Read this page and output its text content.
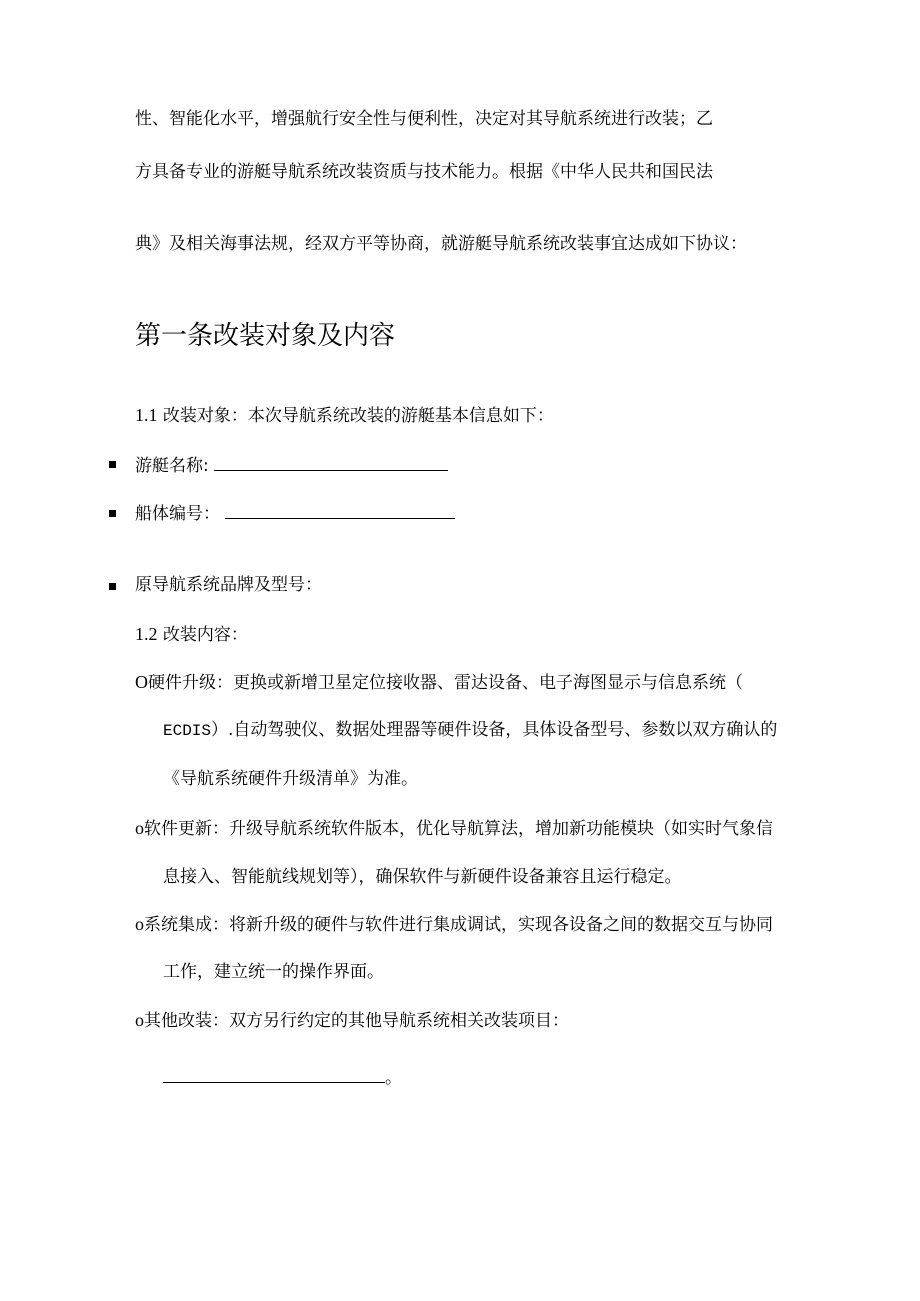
性、智能化水平，增强航行安全性与便利性，决定对其导航系统进行改装；乙
方具备专业的游艇导航系统改装资质与技术能力。根据《中华人民共和国民法
典》及相关海事法规，经双方平等协商，就游艇导航系统改装事宜达成如下协议：
第一条改装对象及内容
1.1 改装对象：本次导航系统改装的游艇基本信息如下：
游艇名称:
船体编号：
原导航系统品牌及型号：
1.2 改装内容：
O硬件升级：更换或新增卫星定位接收器、雷达设备、电子海图显示与信息系统（
ECDIS）.自动驾驶仪、数据处理器等硬件设备，具体设备型号、参数以双方确认的
《导航系统硬件升级清单》为准。
o软件更新：升级导航系统软件版本，优化导航算法，增加新功能模块（如实时气象信
息接入、智能航线规划等），确保软件与新硬件设备兼容且运行稳定。
o系统集成：将新升级的硬件与软件进行集成调试，实现各设备之间的数据交互与协同
工作，建立统一的操作界面。
o其他改装：双方另行约定的其他导航系统相关改装项目：
。
